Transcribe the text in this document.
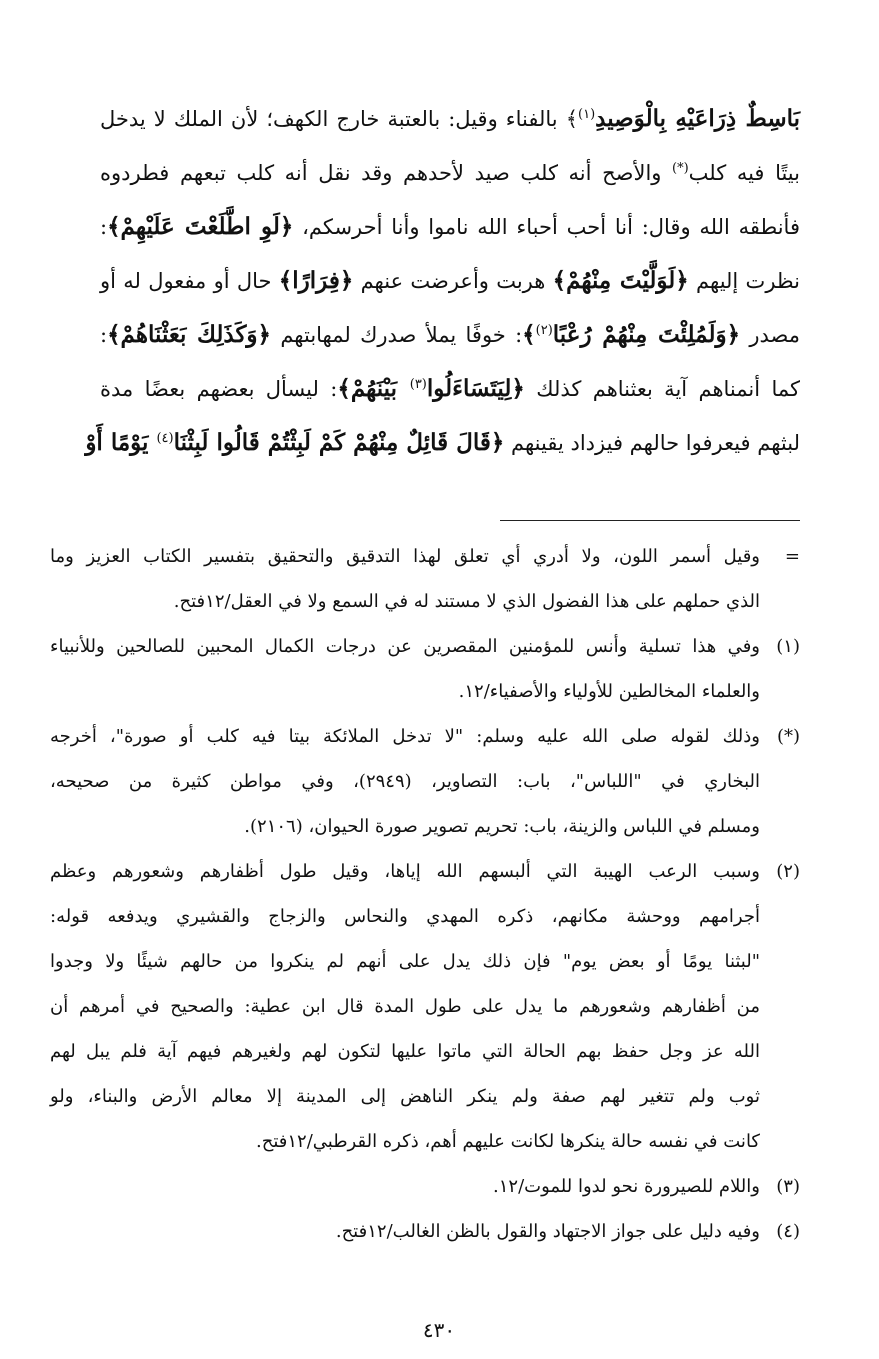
بَاسِطٌ ذِرَاعَيْهِ بِالْوَصِيدِ$^{(١)}$﴾ بالفناء وقيل: بالعتبة خارج الكهف؛ لأن الملك لا يدخل
بيتًا فيه كلب(*) والأصح أنه كلب صيد لأحدهم وقد نقل أنه كلب تبعهم فطردوه
فأنطقه الله وقال: أنا أحب أحباء الله ناموا وأنا أحرسكم، ﴿لَوِ اطَّلَعْتَ عَلَيْهِمْ﴾:
نظرت إليهم ﴿لَوَلَّيْتَ مِنْهُمْ﴾ هربت وأعرضت عنهم ﴿فِرَارًا﴾ حال أو مفعول له أو
مصدر ﴿وَلَمُلِئْتَ مِنْهُمْ رُعْبًا$^{(٢)}$﴾: خوفًا يملأ صدرك لمهابتهم ﴿وَكَذَلِكَ بَعَثْنَاهُمْ﴾:
كما أنمناهم آية بعثناهم كذلك ﴿لِيَتَسَاءَلُوا$^{(٣)}$ بَيْنَهُمْ﴾: ليسأل بعضهم بعضًا مدة
لبثهم فيعرفوا حالهم فيزداد يقينهم ﴿قَالَ قَائِلٌ مِنْهُمْ كَمْ لَبِثْتُمْ قَالُوا لَبِثْنَا$^{(٤)}$ يَوْمًا أَوْ
=
وقيل أسمر اللون، ولا أدري أي تعلق لهذا التدقيق والتحقيق بتفسير الكتاب العزيز وما
الذي حملهم على هذا الفضول الذي لا مستند له في السمع ولا في العقل/١٢فتح.
(١)
وفي هذا تسلية وأنس للمؤمنين المقصرين عن درجات الكمال المحبين للصالحين وللأنبياء
والعلماء المخالطين للأولياء والأصفياء/١٢.
(*)
وذلك لقوله صلى الله عليه وسلم: "لا تدخل الملائكة بيتا فيه كلب أو صورة"، أخرجه
البخاري في "اللباس"، باب: التصاوير، (٢٩٤٩)، وفي مواطن كثيرة من صحيحه،
ومسلم في اللباس والزينة، باب: تحريم تصوير صورة الحيوان، (٢١٠٦).
(٢)
وسبب الرعب الهيبة التي ألبسهم الله إياها، وقيل طول أظفارهم وشعورهم وعظم
أجرامهم ووحشة مكانهم، ذكره المهدي والنحاس والزجاج والقشيري ويدفعه قوله:
"لبثنا يومًا أو بعض يوم" فإن ذلك يدل على أنهم لم ينكروا من حالهم شيئًا ولا وجدوا
من أظفارهم وشعورهم ما يدل على طول المدة قال ابن عطية: والصحيح في أمرهم أن
الله عز وجل حفظ بهم الحالة التي ماتوا عليها لتكون لهم ولغيرهم فيهم آية فلم يبل لهم
ثوب ولم تتغير لهم صفة ولم ينكر الناهض إلى المدينة إلا معالم الأرض والبناء، ولو
كانت في نفسه حالة ينكرها لكانت عليهم أهم، ذكره القرطبي/١٢فتح.
(٣)
واللام للصيرورة نحو لدوا للموت/١٢.
(٤)
وفيه دليل على جواز الاجتهاد والقول بالظن الغالب/١٢فتح.
٤٣٠
